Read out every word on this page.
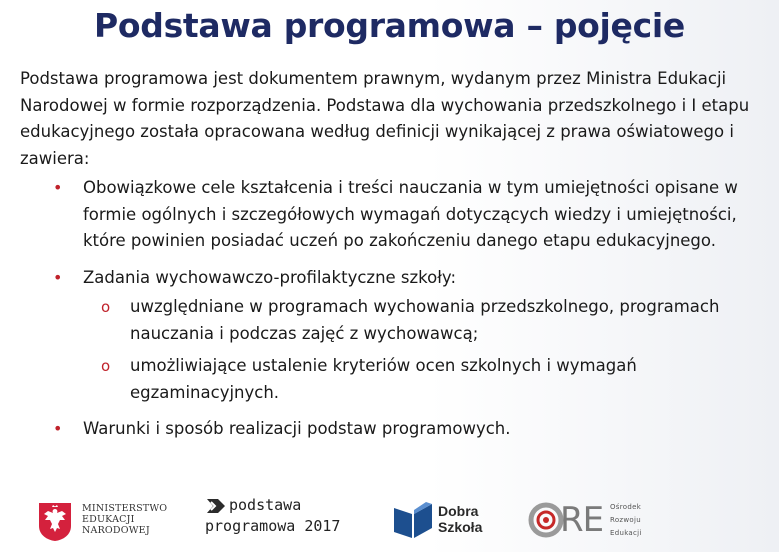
Podstawa programowa – pojęcie

Podstawa programowa jest dokumentem prawnym, wydanym przez Ministra Edukacji Narodowej w formie rozporządzenia. Podstawa dla wychowania przedszkolnego i I etapu edukacyjnego została opracowana według definicji wynikającej z prawa oświatowego i zawiera:

• Obowiązkowe cele kształcenia i treści nauczania w tym umiejętności opisane w formie ogólnych i szczegółowych wymagań dotyczących wiedzy i umiejętności, które powinien posiadać uczeń po zakończeniu danego etapu edukacyjnego.
• Zadania wychowawczo-profilaktyczne szkoły:
o uwzględniane w programach wychowania przedszkolnego, programach nauczania i podczas zajęć z wychowawcą;
o umożliwiające ustalenie kryteriów ocen szkolnych i wymagań egzaminacyjnych.
• Warunki i sposób realizacji podstaw programowych.
MINISTERSTWO
EDUKACJI
NARODOWEJ
podstawa
programowa 2017
Dobra
Szkoła RE Ośrodek
Rozwoju
Edukacji
